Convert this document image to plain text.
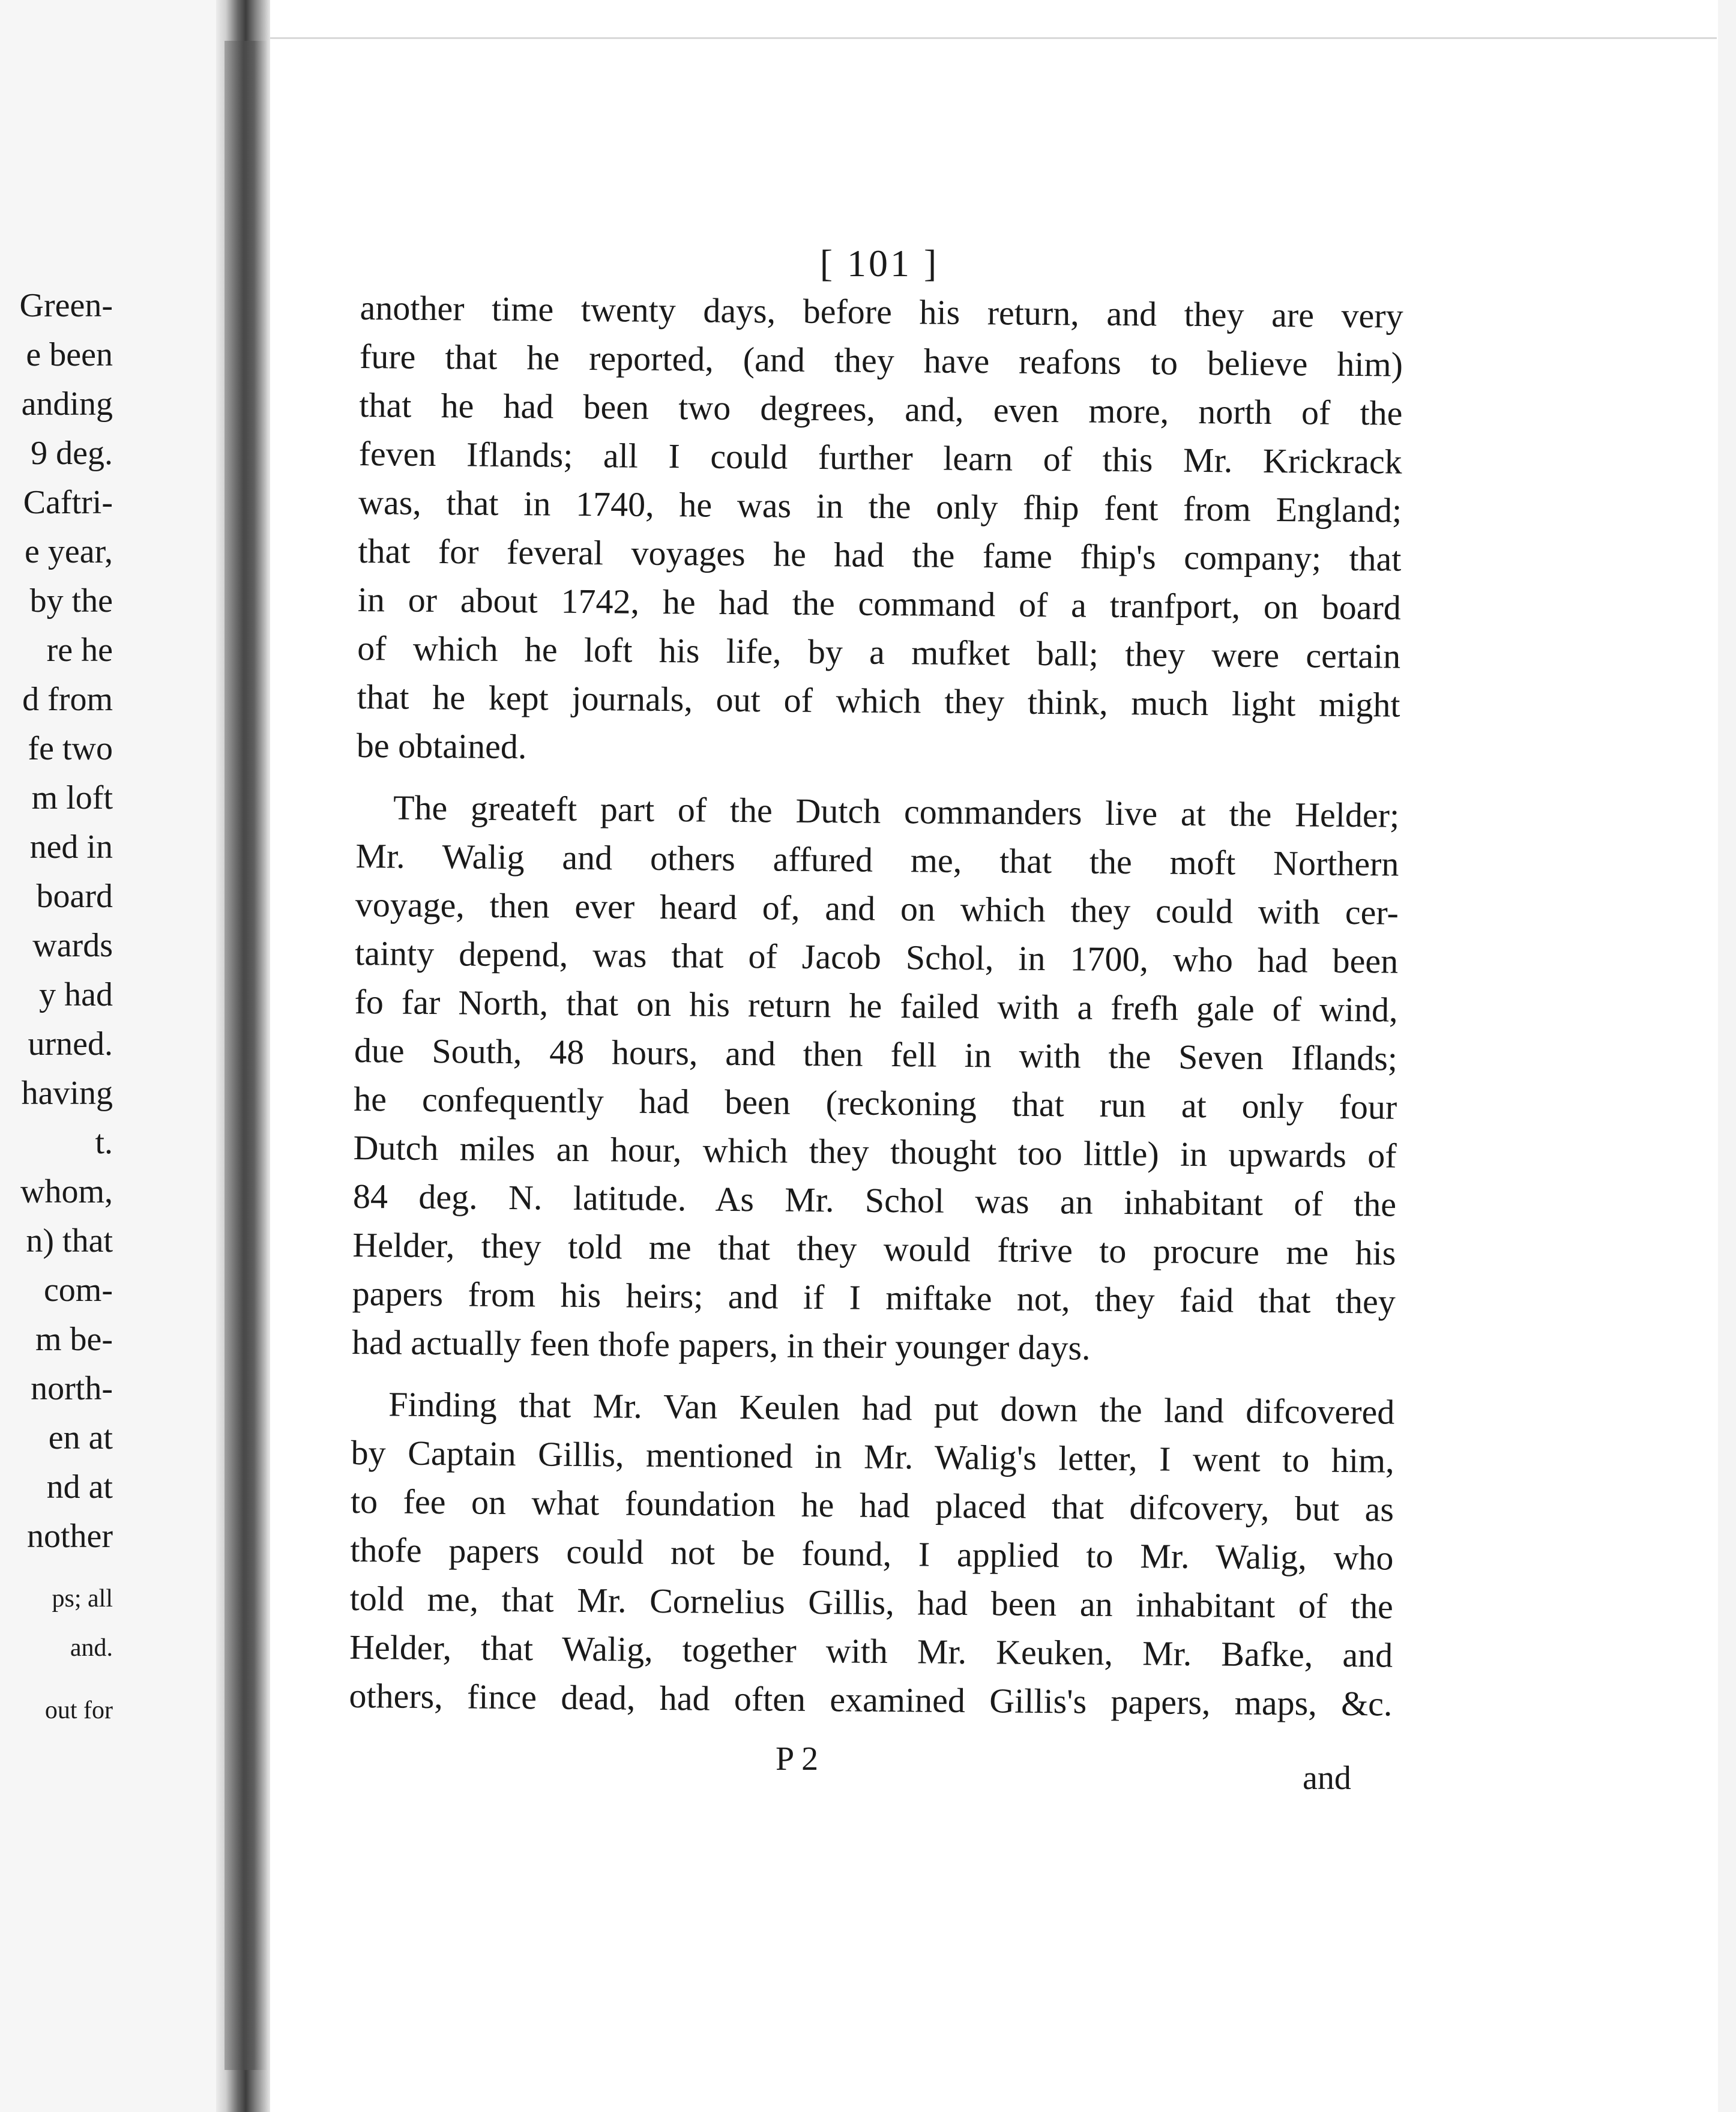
Green-
e been
anding
9 deg.
Caftri-
e year,
by the
re he
d from
fe two
m loft
ned in
board
wards
y had
urned.
having
t.
whom,
n) that
com-
m be-
north-
en at
nd at
nother
ps; all
and.
out for
[ 101 ]
another time twenty days, before his return, and they are very
fure that he reported, (and they have reafons to believe him)
that he had been two degrees, and, even more, north of the
feven Iflands; all I could further learn of this Mr. Krickrack
was, that in 1740, he was in the only fhip fent from England;
that for feveral voyages he had the fame fhip's company; that
in or about 1742, he had the command of a tranfport, on board
of which he loft his life, by a mufket ball; they were certain
that he kept journals, out of which they think, much light might
be obtained.
The greateft part of the Dutch commanders live at the Helder;
Mr. Walig and others affured me, that the moft Northern
voyage, then ever heard of, and on which they could with cer-
tainty depend, was that of Jacob Schol, in 1700, who had been
fo far North, that on his return he failed with a frefh gale of wind,
due South, 48 hours, and then fell in with the Seven Iflands;
he confequently had been (reckoning that run at only four
Dutch miles an hour, which they thought too little) in upwards of
84 deg. N. latitude. As Mr. Schol was an inhabitant of the
Helder, they told me that they would ftrive to procure me his
papers from his heirs; and if I miftake not, they faid that they
had actually feen thofe papers, in their younger days.
Finding that Mr. Van Keulen had put down the land difcovered
by Captain Gillis, mentioned in Mr. Walig's letter, I went to him,
to fee on what foundation he had placed that difcovery, but as
thofe papers could not be found, I applied to Mr. Walig, who
told me, that Mr. Cornelius Gillis, had been an inhabitant of the
Helder, that Walig, together with Mr. Keuken, Mr. Bafke, and
others, fince dead, had often examined Gillis's papers, maps, &c.
P 2
and
